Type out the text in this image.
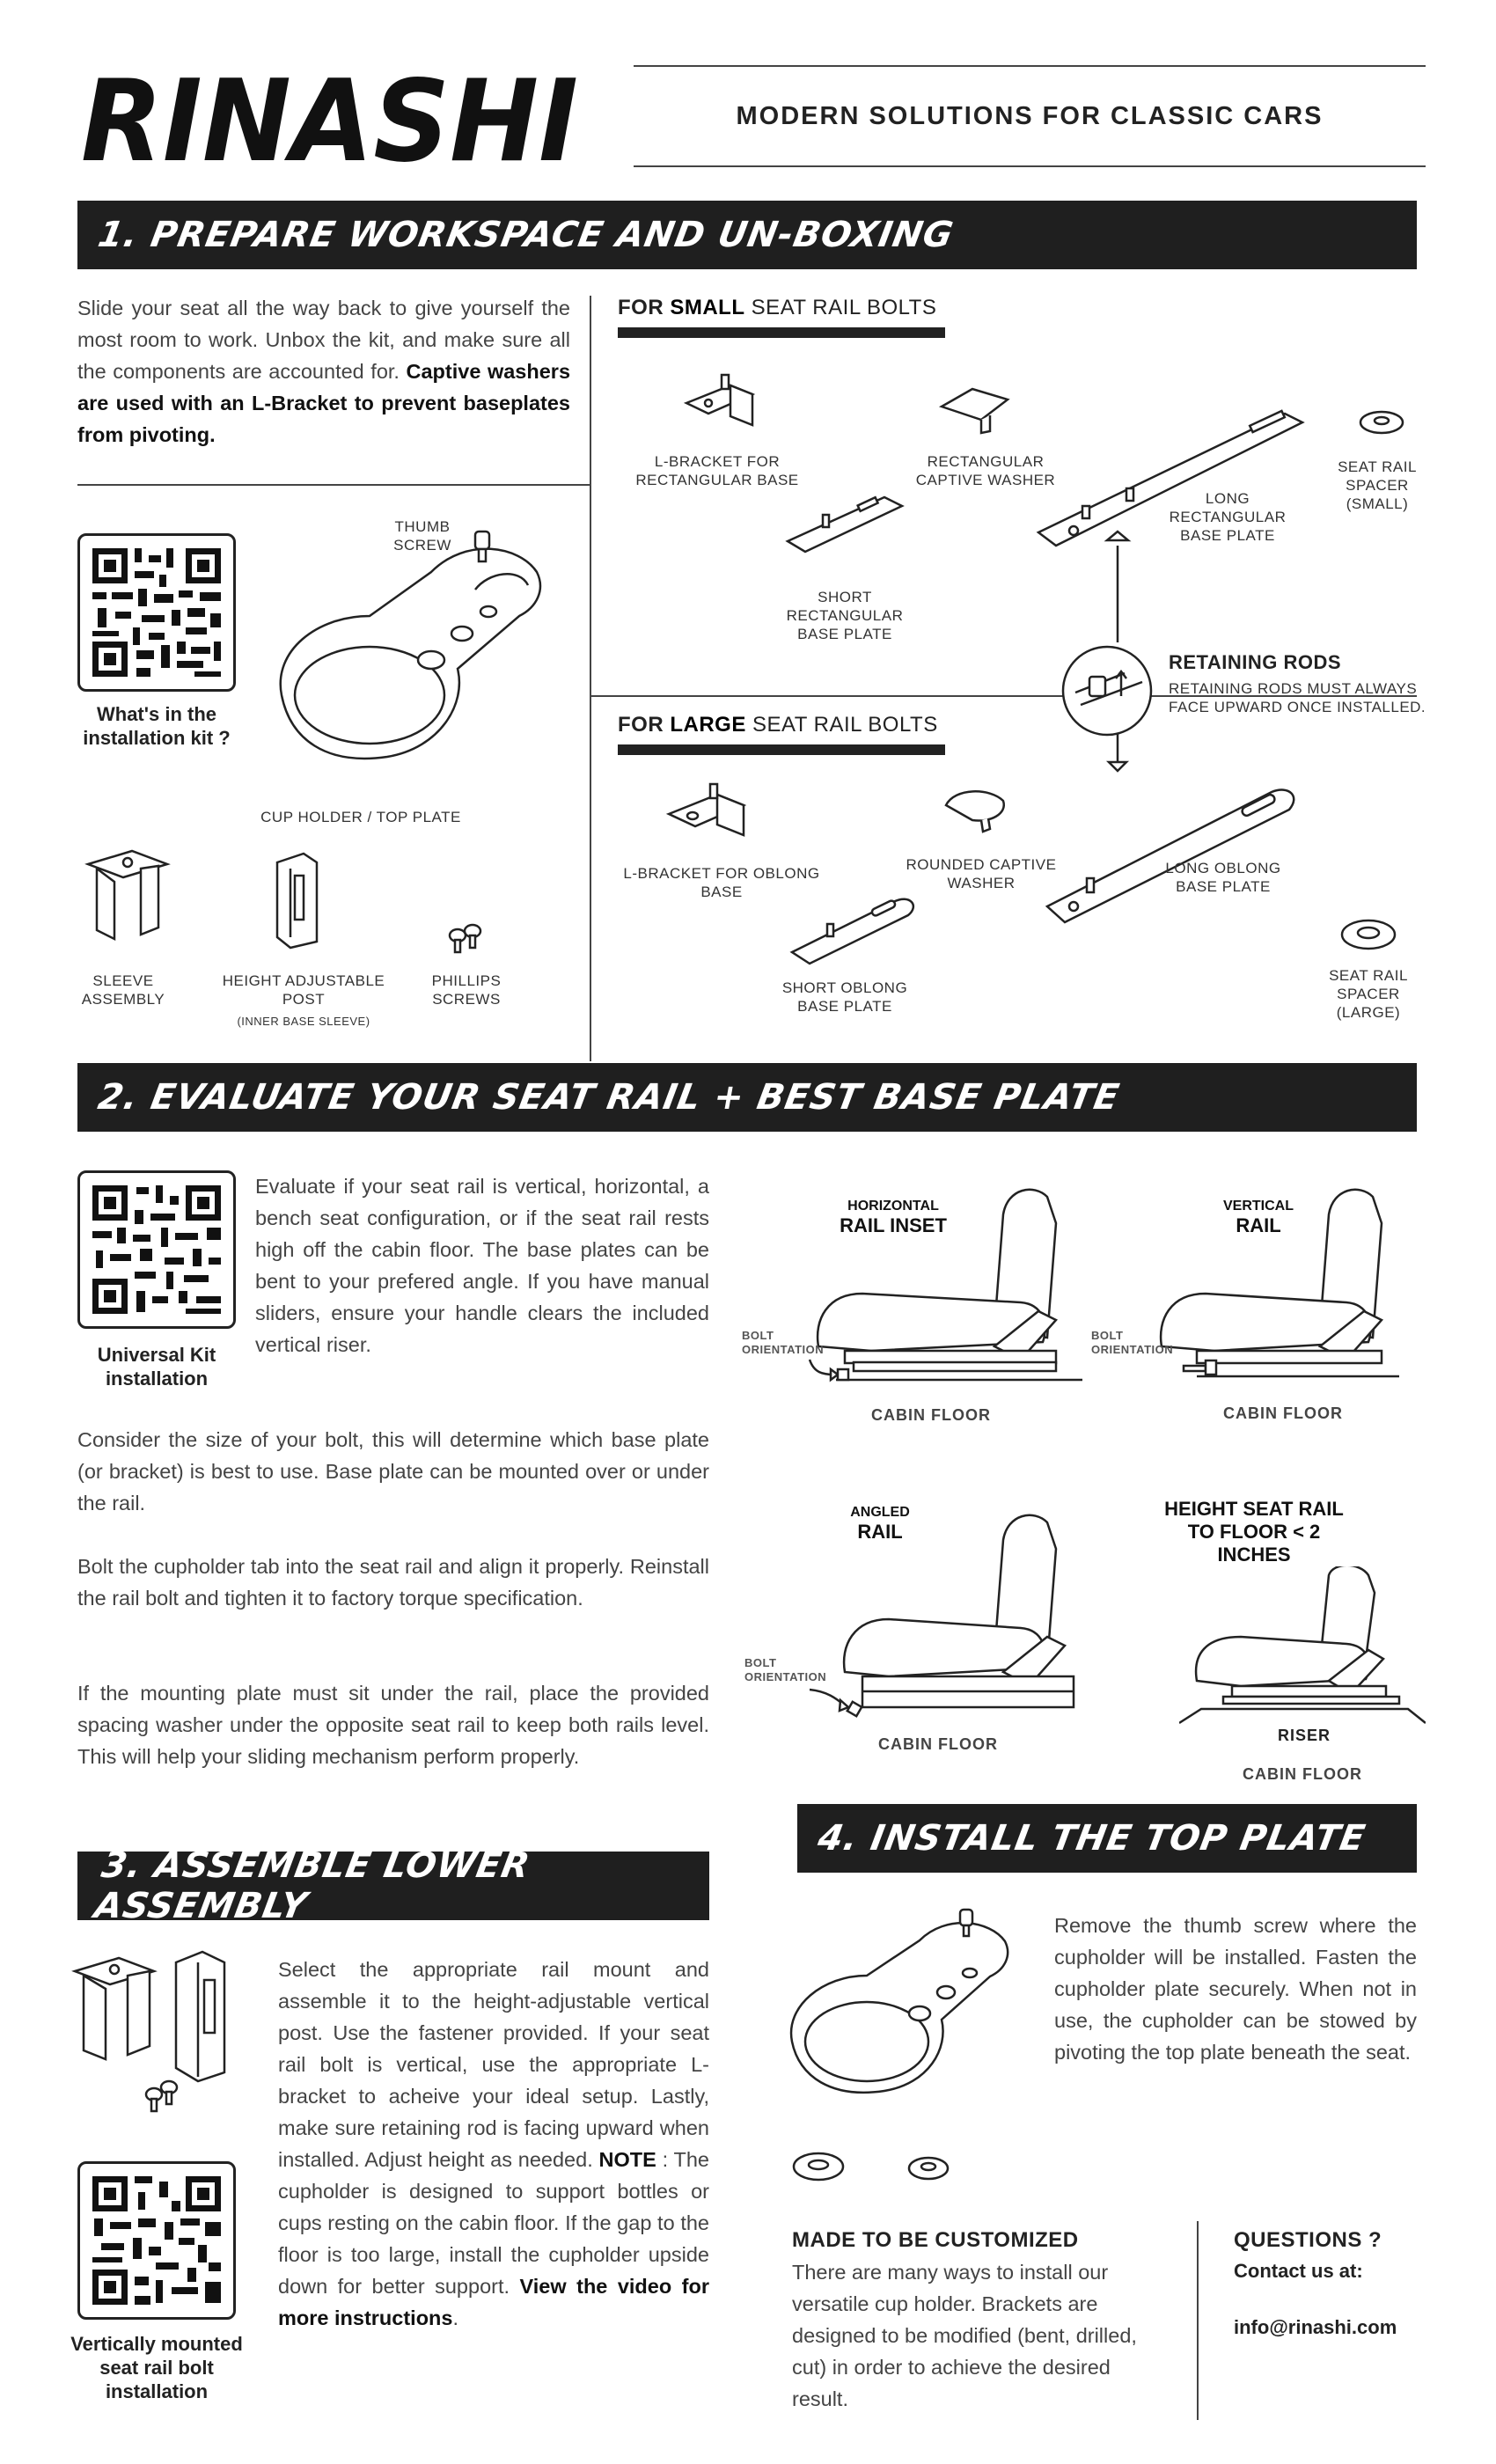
RINASHI	MODERN SOLUTIONS FOR CLASSIC CARS
1. PREPARE WORKSPACE AND UN-BOXING
Slide your seat all the way back to give yourself the most room to work. Unbox the kit, and make sure all the components are accounted for. Captive washers are used with an L-Bracket to prevent baseplates from pivoting.
What's in the installation kit ?
THUMB SCREW
CUP HOLDER / TOP PLATE
SLEEVE ASSEMBLY
HEIGHT ADJUSTABLE POST
(INNER BASE SLEEVE)
PHILLIPS SCREWS
FOR SMALL SEAT RAIL BOLTS
L-BRACKET FOR RECTANGULAR BASE
RECTANGULAR CAPTIVE WASHER
LONG RECTANGULAR BASE PLATE
SEAT RAIL SPACER (SMALL)
SHORT RECTANGULAR BASE PLATE
RETAINING RODS
RETAINING RODS MUST ALWAYS FACE UPWARD ONCE INSTALLED.
FOR LARGE SEAT RAIL BOLTS
L-BRACKET FOR OBLONG BASE
ROUNDED CAPTIVE WASHER
LONG OBLONG BASE PLATE
SEAT RAIL SPACER (LARGE)
SHORT OBLONG BASE PLATE
2. EVALUATE YOUR SEAT RAIL + BEST BASE PLATE
Universal Kit installation
Evaluate if your seat rail is vertical, horizontal, a bench seat configuration, or if the seat rail rests high off the cabin floor. The base plates can be bent to your prefered angle. If you have manual sliders, ensure your handle clears the included vertical riser.
Consider the size of your bolt, this will determine which base plate (or bracket) is best to use. Base plate can be mounted over or under the rail.
Bolt the cupholder tab into the seat rail and align it properly. Reinstall the rail bolt and tighten it to factory torque specification.
If the mounting plate must sit under the rail, place the provided spacing washer under the opposite seat rail to keep both rails level. This will help your sliding mechanism perform properly.
HORIZONTAL
RAIL INSET
BOLT ORIENTATION
CABIN FLOOR
VERTICAL
RAIL
BOLT ORIENTATION
CABIN FLOOR
ANGLED
RAIL
BOLT ORIENTATION
CABIN FLOOR
HEIGHT SEAT RAIL TO FLOOR < 2 INCHES
RISER
CABIN FLOOR
3. ASSEMBLE LOWER ASSEMBLY
Vertically mounted seat rail bolt installation
Select the appropriate rail mount and assemble it to the height-adjustable vertical post. Use the fastener provided. If your seat rail bolt is vertical, use the appropriate L-bracket to acheive your ideal setup. Lastly, make sure retaining rod is facing upward when installed. Adjust height as needed. NOTE : The cupholder is designed to support bottles or cups resting on the cabin floor. If the gap to the floor is too large, install the cupholder upside down for better support. View the video for more instructions.
4. INSTALL THE TOP PLATE
Remove the thumb screw where the cupholder will be installed. Fasten the cupholder plate securely. When not in use, the cupholder can be stowed by pivoting the top plate beneath the seat.
MADE TO BE CUSTOMIZED
There are many ways to install our versatile cup holder. Brackets are designed to be modified (bent, drilled, cut) in order to achieve the desired result.
QUESTIONS ?
Contact us at:
info@rinashi.com
